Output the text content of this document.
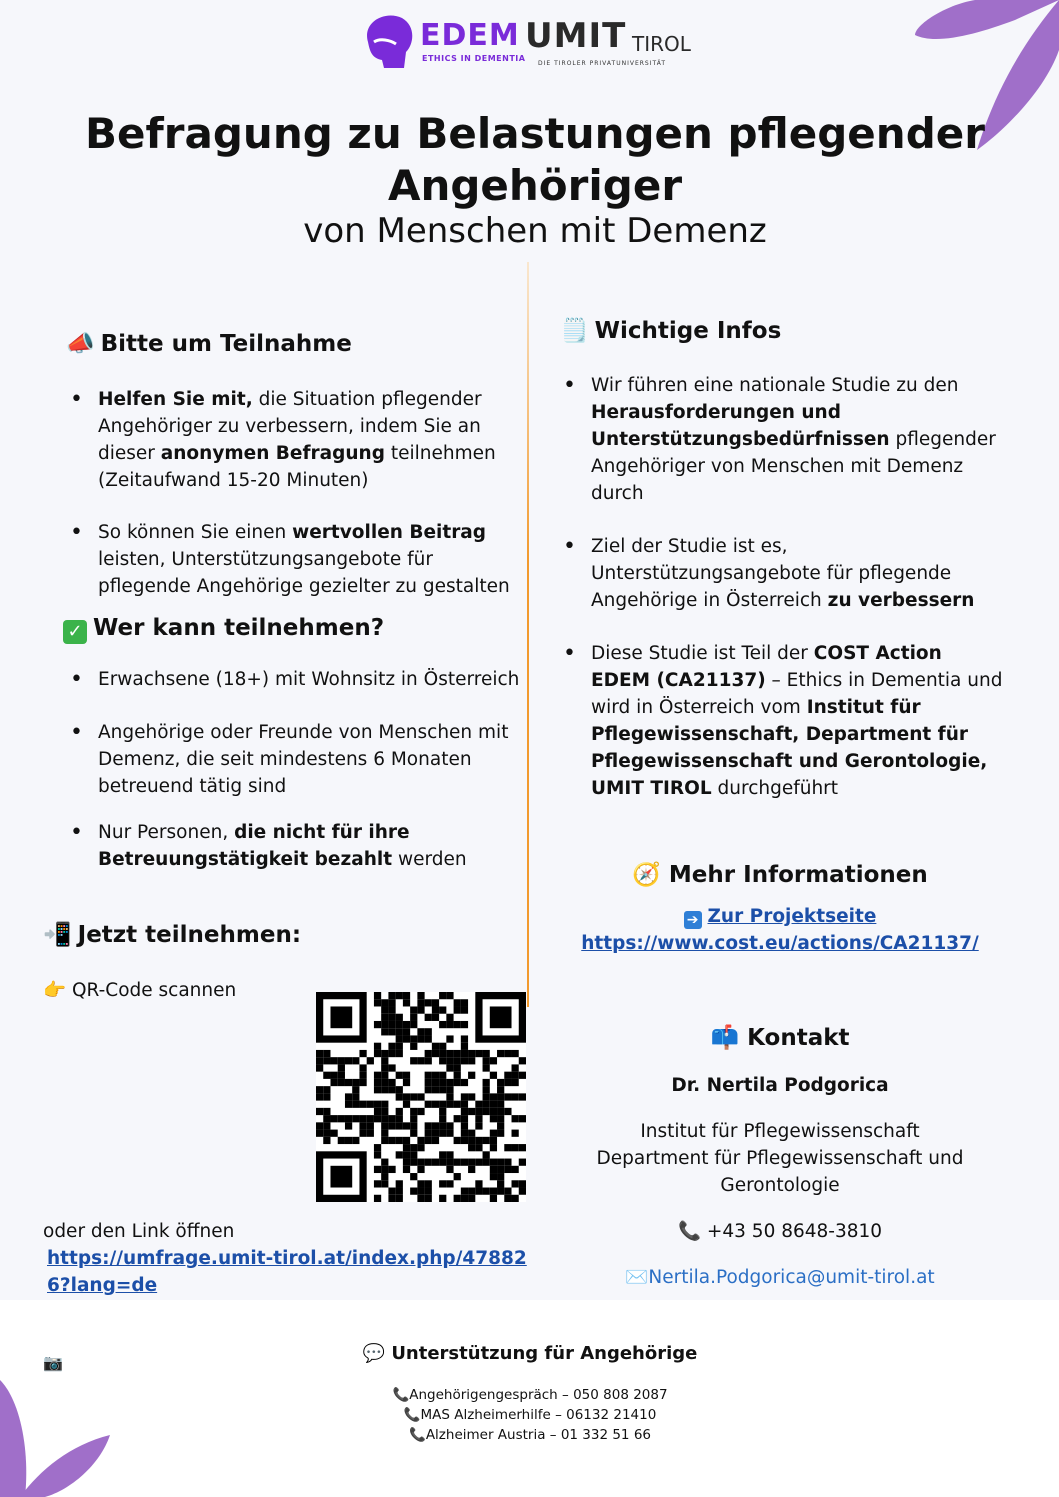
EDEM
ETHICS IN DEMENTIA
UMIT TIROL
DIE TIROLER PRIVATUNIVERSITÄT
Befragung zu Belastungen pflegender
Angehöriger
von Menschen mit Demenz
📣 Bitte um Teilnahme
• Helfen Sie mit, die Situation pflegender Angehöriger zu verbessern, indem Sie an dieser anonymen Befragung teilnehmen (Zeitaufwand 15-20 Minuten)
• So können Sie einen wertvollen Beitrag leisten, Unterstützungsangebote für pflegende Angehörige gezielter zu gestalten
✓ Wer kann teilnehmen?
• Erwachsene (18+) mit Wohnsitz in Österreich
• Angehörige oder Freunde von Menschen mit Demenz, die seit mindestens 6 Monaten betreuend tätig sind
• Nur Personen, die nicht für ihre Betreuungstätigkeit bezahlt werden
📲 Jetzt teilnehmen:
👉 QR-Code scannen
oder den Link öffnen
https://umfrage.umit-tirol.at/index.php/478826?lang=de
🗒️ Wichtige Infos
• Wir führen eine nationale Studie zu den Herausforderungen und Unterstützungsbedürfnissen pflegender Angehöriger von Menschen mit Demenz durch
• Ziel der Studie ist es, Unterstützungsangebote für pflegende Angehörige in Österreich zu verbessern
• Diese Studie ist Teil der COST Action EDEM (CA21137) – Ethics in Dementia und wird in Österreich vom Institut für Pflegewissenschaft, Department für Pflegewissenschaft und Gerontologie, UMIT TIROL durchgeführt
🧭 Mehr Informationen
➔ Zur Projektseite
https://www.cost.eu/actions/CA21137/
📫 Kontakt
Dr. Nertila Podgorica
Institut für Pflegewissenschaft
Department für Pflegewissenschaft und
Gerontologie
📞 +43 50 8648-3810
✉️Nertila.Podgorica@umit-tirol.at
📷	💬 Unterstützung für Angehörige
📞Angehörigengespräch – 050 808 2087
📞MAS Alzheimerhilfe – 06132 21410
📞Alzheimer Austria – 01 332 51 66
